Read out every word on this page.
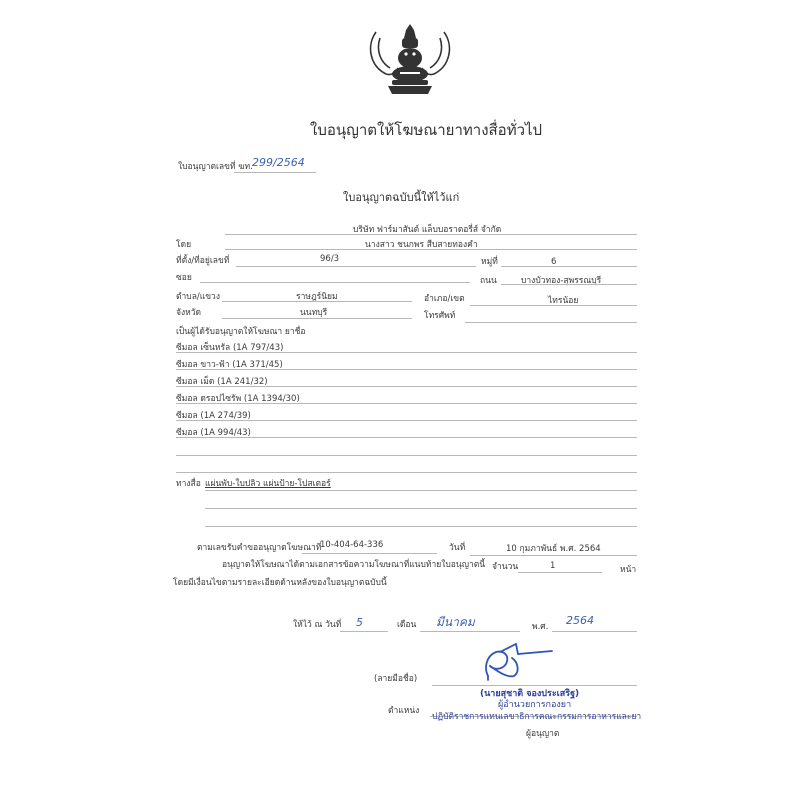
ใบอนุญาตให้โฆษณายาทางสื่อทั่วไป
ใบอนุญาตเลขที่ ฆท. 299/2564
ใบอนุญาตฉบับนี้ให้ไว้แก่
บริษัท ฟาร์มาสันต์ แล็บบอราตอรี่ส์ จำกัด
โดย	นางสาว ชนกพร สืบสายทองคำ
ที่ตั้ง/ที่อยู่เลขที่	96/3	หมู่ที่	6
ซอย	ถนน	บางบัวทอง-สุพรรณบุรี
ตำบล/แขวง	ราษฎร์นิยม	อำเภอ/เขต	ไทรน้อย
จังหวัด	นนทบุรี	โทรศัพท์
เป็นผู้ได้รับอนุญาตให้โฆษณา ยาชื่อ
ซีมอล เซ็นหรัล (1A 797/43)
ซีมอล ขาว-ฟ้า (1A 371/45)
ซีมอล เม็ด (1A 241/32)
ซีมอล ดรอปไซรัพ (1A 1394/30)
ซีมอล (1A 274/39)
ซีมอล (1A 994/43)
ทางสื่อ แผ่นพับ-ใบปลิว แผ่นป้าย-โปสเตอร์
ตามเลขรับคำขออนุญาตโฆษณาที่
10-404-64-336	วันที่	10 กุมภาพันธ์ พ.ศ. 2564
อนุญาตให้โฆษณาได้ตามเอกสารข้อความโฆษณาที่แนบท้ายใบอนุญาตนี้ จำนวน	1	หน้า
โดยมีเงื่อนไขตามรายละเอียดด้านหลังของใบอนุญาตฉบับนี้
ให้ไว้ ณ วันที่ 5	เดือน มีนาคม	พ.ศ. 2564
(ลายมือชื่อ)
(นายสุชาติ จองประเสริฐ)
ผู้อำนวยการกองยา
ตำแหน่ง
ปฏิบัติราชการแทนเลขาธิการคณะกรรมการอาหารและยา
ผู้อนุญาต
